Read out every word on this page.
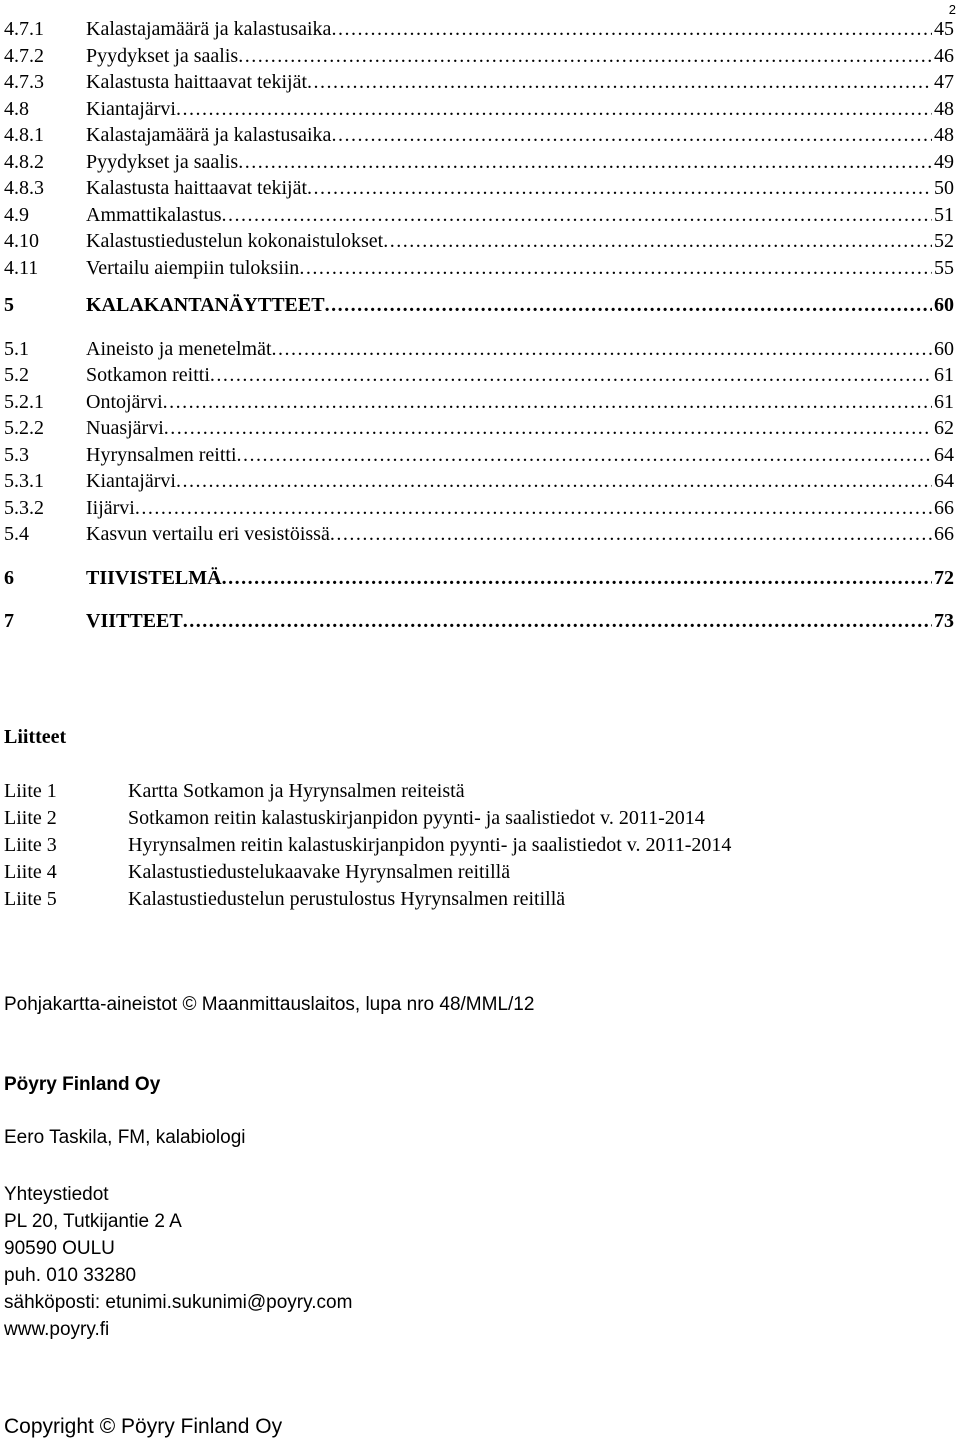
2
4.7.1	Kalastajamäärä ja kalastusaika .....	45
4.7.2	Pyydykset ja saalis .....	46
4.7.3	Kalastusta haittaavat tekijät .....	47
4.8	Kiantajärvi .....	48
4.8.1	Kalastajamäärä ja kalastusaika .....	48
4.8.2	Pyydykset ja saalis .....	49
4.8.3	Kalastusta haittaavat tekijät .....	50
4.9	Ammattikalastus .....	51
4.10	Kalastustiedustelun kokonaistulokset .....	52
4.11	Vertailu aiempiin tuloksiin .....	55
5	KALAKANTANÄYTTEET .....	60
5.1	Aineisto ja menetelmät .....	60
5.2	Sotkamon reitti .....	61
5.2.1	Ontojärvi .....	61
5.2.2	Nuasjärvi .....	62
5.3	Hyrynsalmen reitti .....	64
5.3.1	Kiantajärvi .....	64
5.3.2	Iijärvi .....	66
5.4	Kasvun vertailu eri vesistöissä .....	66
6	TIIVISTELMÄ .....	72
7	VIITTEET .....	73
Liitteet
Liite 1	Kartta Sotkamon ja Hyrynsalmen reiteistä
Liite 2	Sotkamon reitin kalastuskirjanpidon pyynti- ja saalistiedot v. 2011-2014
Liite 3	Hyrynsalmen reitin kalastuskirjanpidon pyynti- ja saalistiedot v. 2011-2014
Liite 4	Kalastustiedustelukaavake Hyrynsalmen reitillä
Liite 5	Kalastustiedustelun perustulostus Hyrynsalmen reitillä
Pohjakartta-aineistot © Maanmittauslaitos, lupa nro 48/MML/12
Pöyry Finland Oy
Eero Taskila, FM, kalabiologi
Yhteystiedot
PL 20, Tutkijantie 2 A
90590 OULU
puh. 010 33280
sähköposti: etunimi.sukunimi@poyry.com
www.poyry.fi
Copyright © Pöyry Finland Oy
